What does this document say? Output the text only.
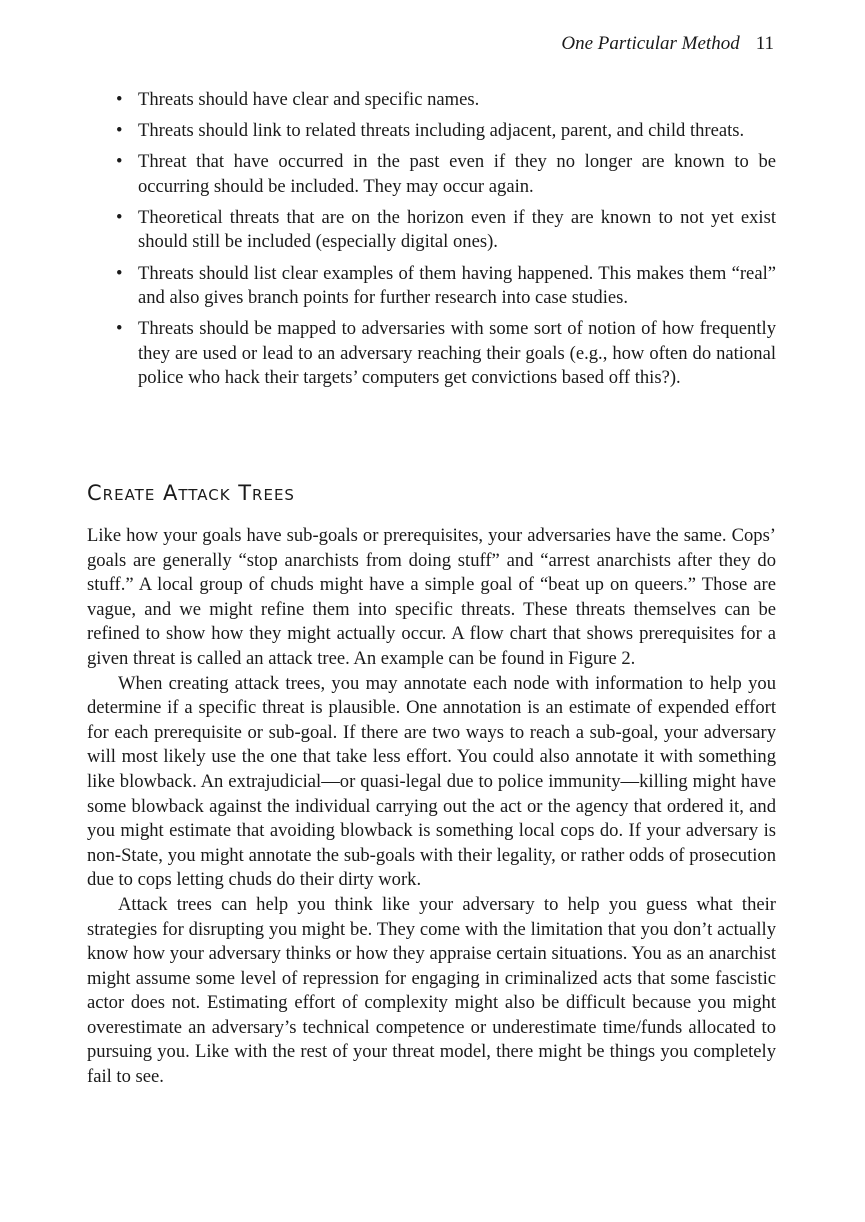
One Particular Method 11
• Threats should have clear and specific names.
• Threats should link to related threats including adjacent, parent, and child threats.
• Threat that have occurred in the past even if they no longer are known to be occurring should be included. They may occur again.
• Theoretical threats that are on the horizon even if they are known to not yet exist should still be included (especially digital ones).
• Threats should list clear examples of them having happened. This makes them “real” and also gives branch points for further research into case studies.
• Threats should be mapped to adversaries with some sort of notion of how frequently they are used or lead to an adversary reaching their goals (e.g., how often do national police who hack their targets’ computers get convictions based off this?).
Create Attack Trees

Like how your goals have sub-goals or prerequisites, your adversaries have the same. Cops’ goals are generally “stop anarchists from doing stuff” and “arrest anarchists after they do stuff.” A local group of chuds might have a simple goal of “beat up on queers.” Those are vague, and we might refine them into specific threats. These threats themselves can be refined to show how they might actually occur. A flow chart that shows prerequisites for a given threat is called an attack tree. An example can be found in Figure 2.

When creating attack trees, you may annotate each node with information to help you determine if a specific threat is plausible. One annotation is an estimate of expended effort for each prerequisite or sub-goal. If there are two ways to reach a sub-goal, your adversary will most likely use the one that take less effort. You could also annotate it with something like blowback. An extrajudicial—or quasi-legal due to police immunity—killing might have some blowback against the individual carrying out the act or the agency that ordered it, and you might estimate that avoiding blowback is something local cops do. If your adversary is non-State, you might annotate the sub-goals with their legality, or rather odds of prosecution due to cops letting chuds do their dirty work.

Attack trees can help you think like your adversary to help you guess what their strategies for disrupting you might be. They come with the limitation that you don’t actually know how your adversary thinks or how they appraise certain situations. You as an anarchist might assume some level of repression for engaging in criminalized acts that some fascistic actor does not. Estimating effort of complexity might also be difficult because you might overestimate an adversary’s technical competence or underestimate time/funds allocated to pursuing you. Like with the rest of your threat model, there might be things you completely fail to see.
